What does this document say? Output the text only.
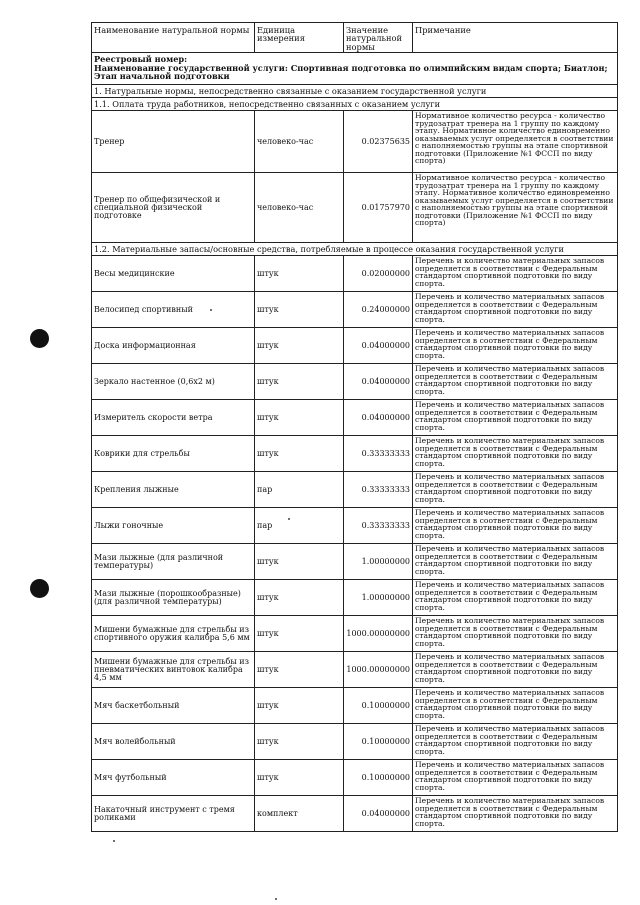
Наименование натуральной нормы	Единица измерения	Значение натуральной нормы	Примечание

Реестровый номер:
Наименование государственной услуги: Спортивная подготовка по олимпийским видам спорта; Биатлон; Этап начальной подготовки			

1. Натуральные нормы, непосредственно связанные с оказанием государственной услуги			
1.1. Оплата труда работников, непосредственно связанных с оказанием услуги			
Тренер	человеко-час	0.02375635	Нормативное количество ресурса - количество трудозатрат тренера на 1 группу по каждому этапу. Нормативное количество единовременно оказываемых услуг определяется в соответствии с наполняемостью группы на этапе спортивной подготовки (Приложение №1 ФССП по виду спорта)
Тренер по общефизической и специальной физической подготовке	человеко-час	0.01757970	Нормативное количество ресурса - количество трудозатрат тренера на 1 группу по каждому этапу. Нормативное количество единовременно оказываемых услуг определяется в соответствии с наполняемостью группы на этапе спортивной подготовки (Приложение №1 ФССП по виду спорта)
1.2. Материальные запасы/основные средства, потребляемые в процессе оказания государственной услуги			
Весы медицинские	штук	0.02000000	Перечень и количество материальных запасов определяется в соответствии с Федеральным стандартом спортивной подготовки по виду спорта.
Велосипед спортивный	штук	0.24000000	Перечень и количество материальных запасов определяется в соответствии с Федеральным стандартом спортивной подготовки по виду спорта.
Доска информационная	штук	0.04000000	Перечень и количество материальных запасов определяется в соответствии с Федеральным стандартом спортивной подготовки по виду спорта.
Зеркало настенное (0,6х2 м)	штук	0.04000000	Перечень и количество материальных запасов определяется в соответствии с Федеральным стандартом спортивной подготовки по виду спорта.
Измеритель скорости ветра	штук	0.04000000	Перечень и количество материальных запасов определяется в соответствии с Федеральным стандартом спортивной подготовки по виду спорта.
Коврики для стрельбы	штук	0.33333333	Перечень и количество материальных запасов определяется в соответствии с Федеральным стандартом спортивной подготовки по виду спорта.
Крепления лыжные	пар	0.33333333	Перечень и количество материальных запасов определяется в соответствии с Федеральным стандартом спортивной подготовки по виду спорта.
Лыжи гоночные	пар	0.33333333	Перечень и количество материальных запасов определяется в соответствии с Федеральным стандартом спортивной подготовки по виду спорта.
Мази лыжные (для различной температуры)	штук	1.00000000	Перечень и количество материальных запасов определяется в соответствии с Федеральным стандартом спортивной подготовки по виду спорта.
Мази лыжные (порошкообразные) (для различной температуры)	штук	1.00000000	Перечень и количество материальных запасов определяется в соответствии с Федеральным стандартом спортивной подготовки по виду спорта.
Мишени бумажные для стрельбы из спортивного оружия калибра 5,6 мм	штук	1000.00000000	Перечень и количество материальных запасов определяется в соответствии с Федеральным стандартом спортивной подготовки по виду спорта.
Мишени бумажные для стрельбы из пневматических винтовок калибра 4,5 мм	штук	1000.00000000	Перечень и количество материальных запасов определяется в соответствии с Федеральным стандартом спортивной подготовки по виду спорта.
Мяч баскетбольный	штук	0.10000000	Перечень и количество материальных запасов определяется в соответствии с Федеральным стандартом спортивной подготовки по виду спорта.
Мяч волейбольный	штук	0.10000000	Перечень и количество материальных запасов определяется в соответствии с Федеральным стандартом спортивной подготовки по виду спорта.
Мяч футбольный	штук	0.10000000	Перечень и количество материальных запасов определяется в соответствии с Федеральным стандартом спортивной подготовки по виду спорта.
Накаточный инструмент с тремя роликами	комплект	0.04000000	Перечень и количество материальных запасов определяется в соответствии с Федеральным стандартом спортивной подготовки по виду спорта.
